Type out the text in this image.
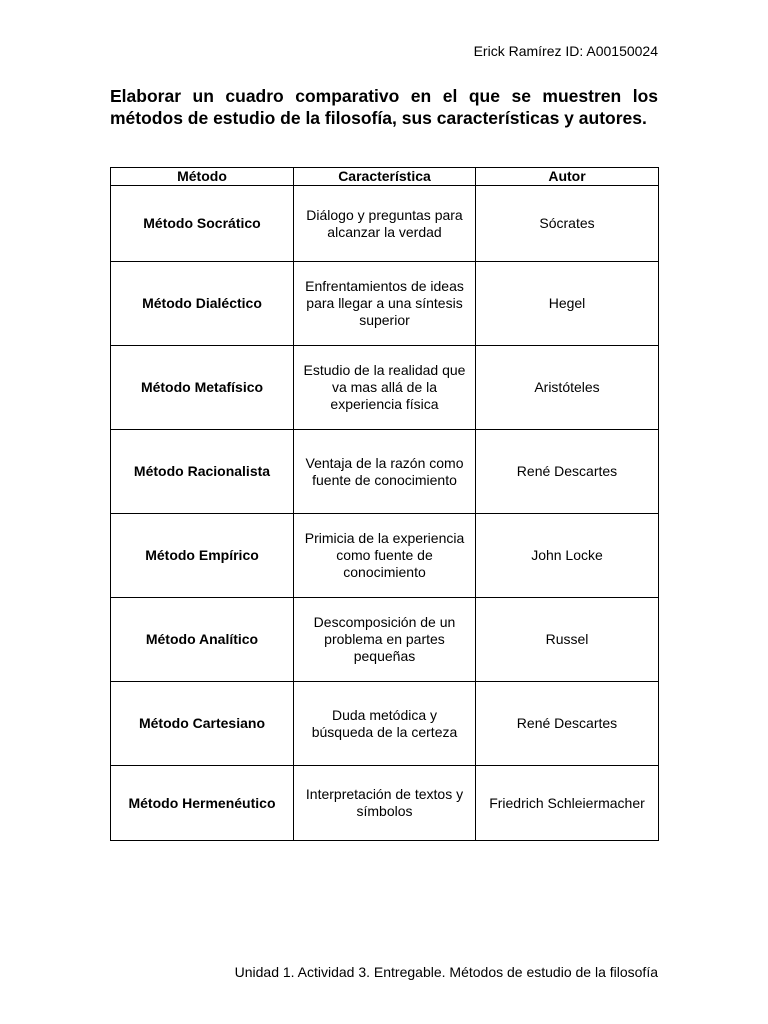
Erick Ramírez ID: A00150024
Elaborar un cuadro comparativo en el que se muestren los métodos de estudio de la filosofía, sus características y autores.
Método	Característica	Autor
Método Socrático	Diálogo y preguntas para alcanzar la verdad	Sócrates
Método Dialéctico	Enfrentamientos de ideas para llegar a una síntesis superior	Hegel
Método Metafísico	Estudio de la realidad que va mas allá de la experiencia física	Aristóteles
Método Racionalista	Ventaja de la razón como fuente de conocimiento	René Descartes
Método Empírico	Primicia de la experiencia como fuente de conocimiento	John Locke
Método Analítico	Descomposición de un problema en partes pequeñas	Russel
Método Cartesiano	Duda metódica y búsqueda de la certeza	René Descartes
Método Hermenéutico	Interpretación de textos y símbolos	Friedrich Schleiermacher
Unidad 1. Actividad 3. Entregable. Métodos de estudio de la filosofía
